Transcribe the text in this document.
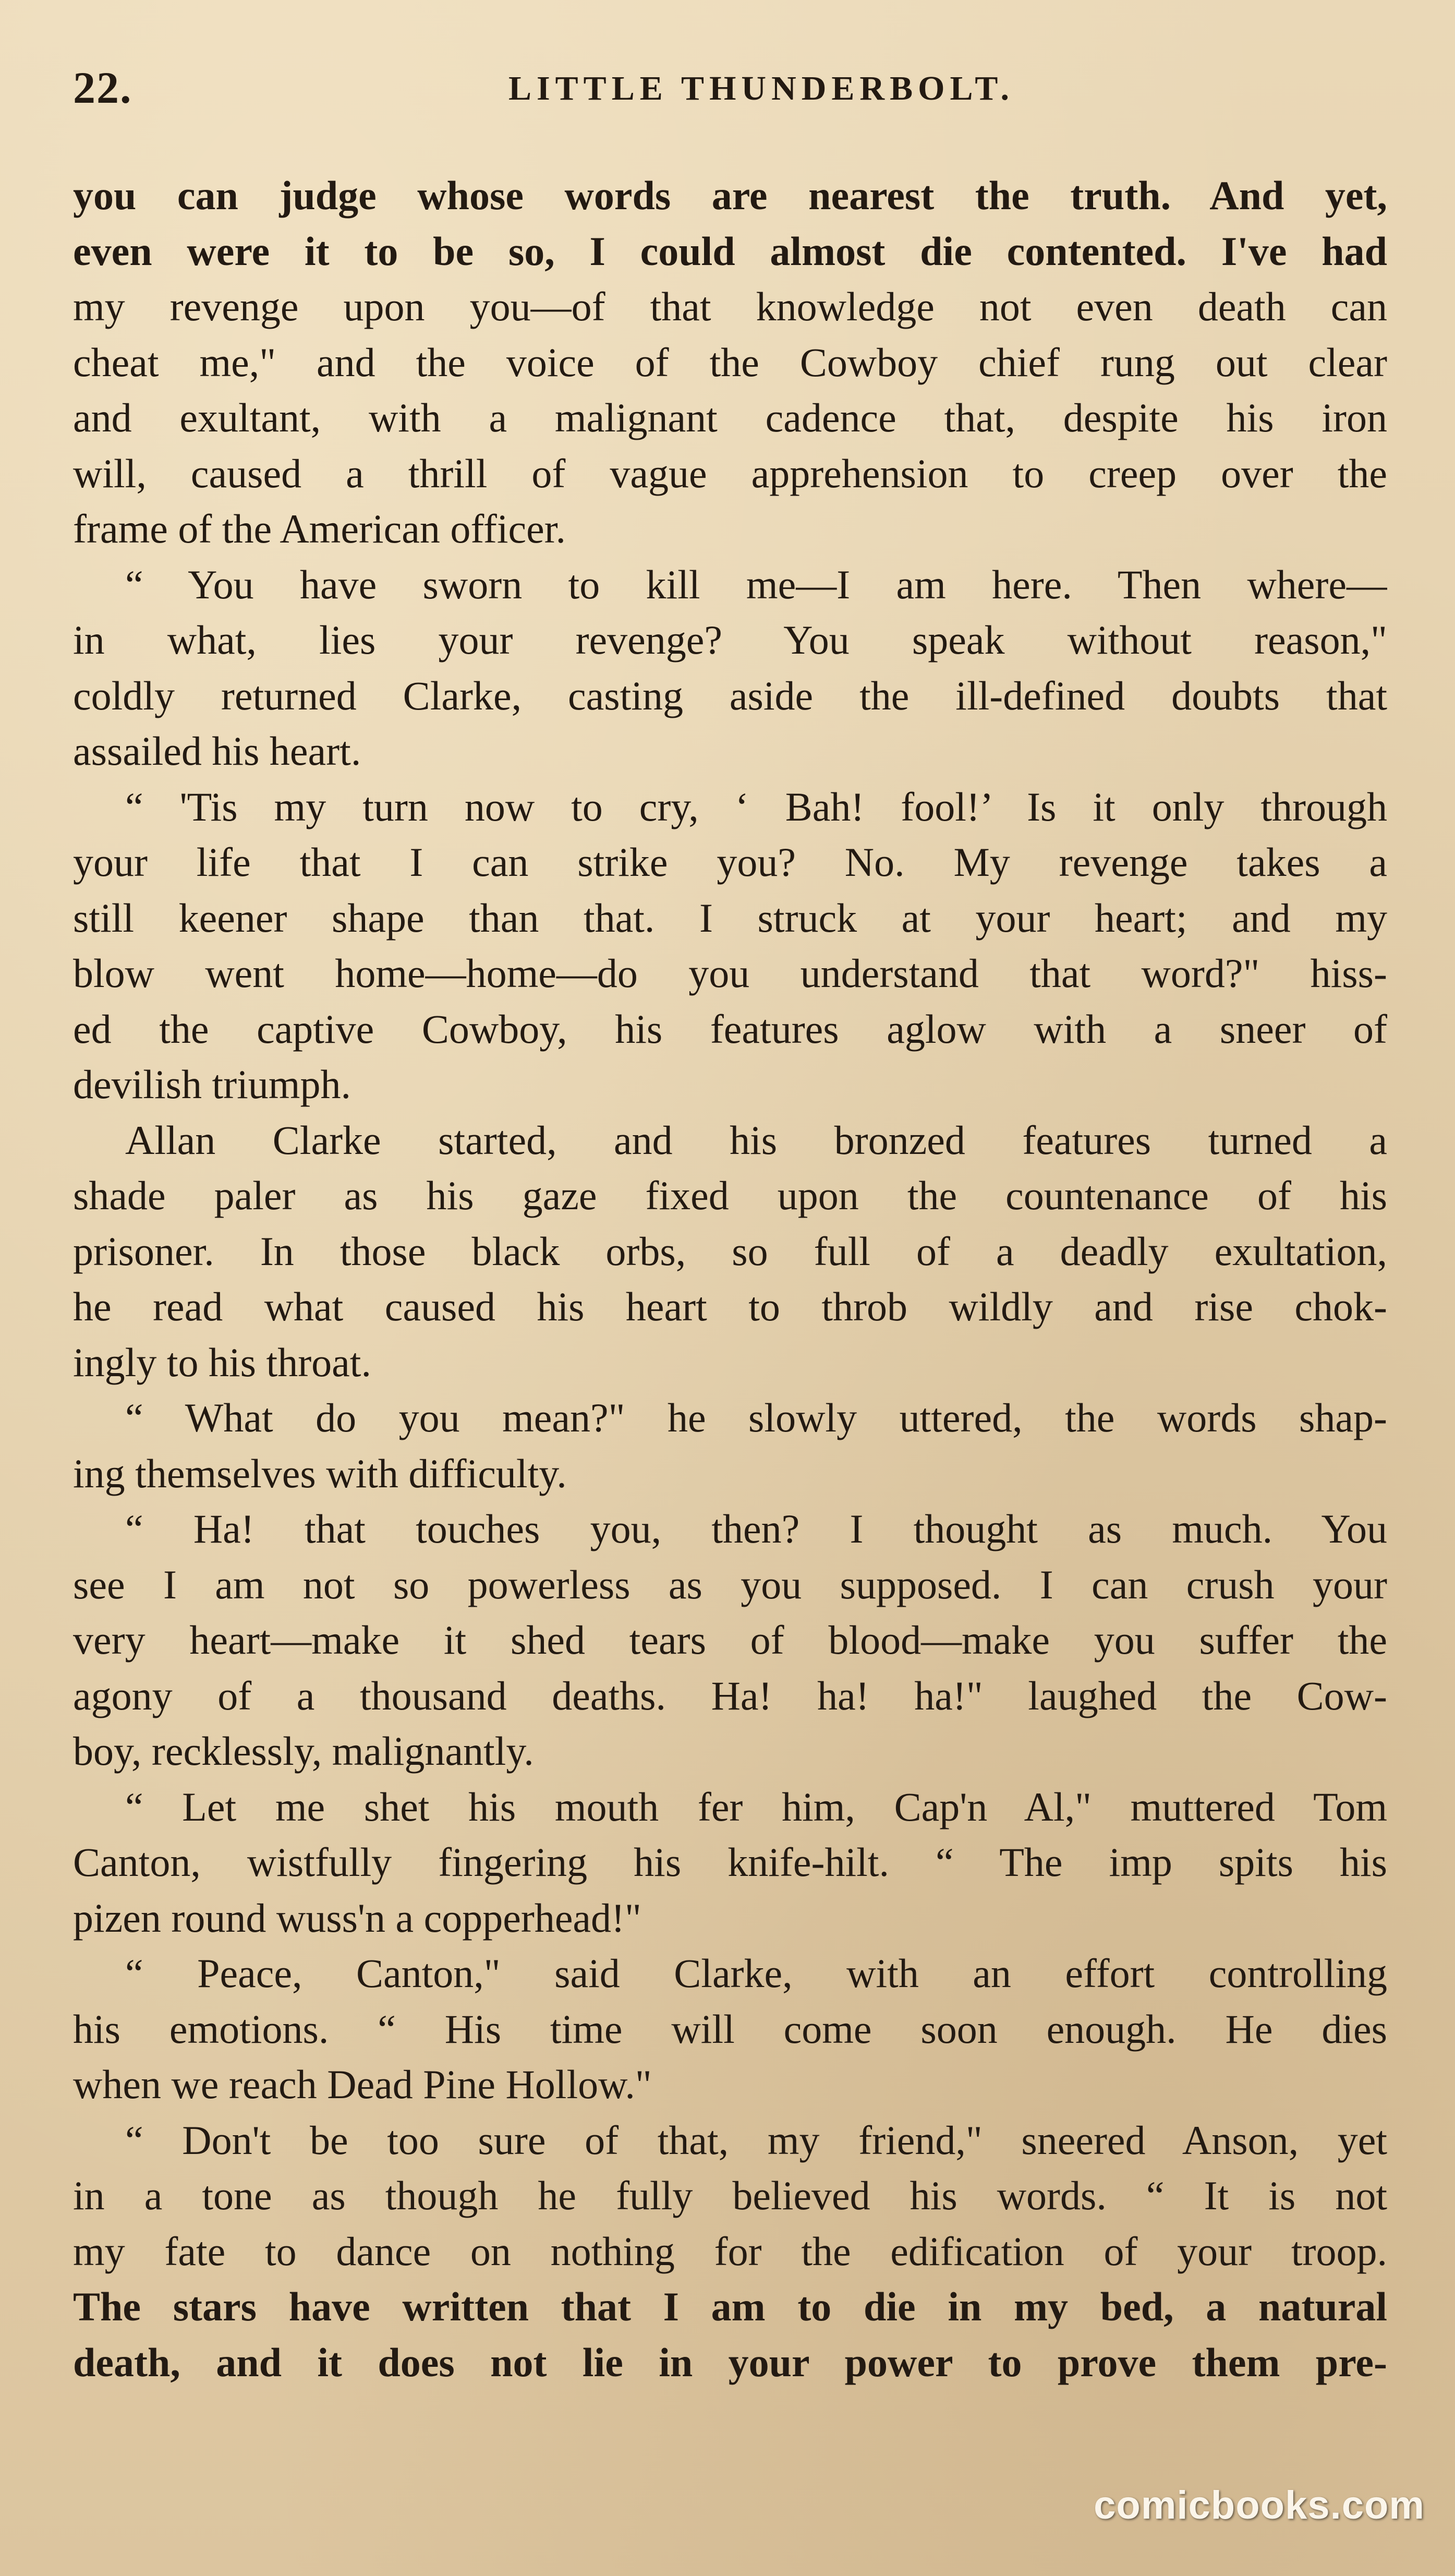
22.	LITTLE THUNDERBOLT.
you can judge whose words are nearest the truth. And yet,
even were it to be so, I could almost die contented. I've had
my revenge upon you—of that knowledge not even death can
cheat me," and the voice of the Cowboy chief rung out clear
and exultant, with a malignant cadence that, despite his iron
will, caused a thrill of vague apprehension to creep over the
frame of the American officer.
“ You have sworn to kill me—I am here. Then where—
in what, lies your revenge? You speak without reason,"
coldly returned Clarke, casting aside the ill-defined doubts that
assailed his heart.
“ 'Tis my turn now to cry, ‘ Bah! fool!’ Is it only through
your life that I can strike you? No. My revenge takes a
still keener shape than that. I struck at your heart; and my
blow went home—home—do you understand that word?" hiss-
ed the captive Cowboy, his features aglow with a sneer of
devilish triumph.
Allan Clarke started, and his bronzed features turned a
shade paler as his gaze fixed upon the countenance of his
prisoner. In those black orbs, so full of a deadly exultation,
he read what caused his heart to throb wildly and rise chok-
ingly to his throat.
“ What do you mean?" he slowly uttered, the words shap-
ing themselves with difficulty.
“ Ha! that touches you, then? I thought as much. You
see I am not so powerless as you supposed. I can crush your
very heart—make it shed tears of blood—make you suffer the
agony of a thousand deaths. Ha! ha! ha!" laughed the Cow-
boy, recklessly, malignantly.
“ Let me shet his mouth fer him, Cap'n Al," muttered Tom
Canton, wistfully fingering his knife-hilt. “ The imp spits his
pizen round wuss'n a copperhead!"
“ Peace, Canton," said Clarke, with an effort controlling
his emotions. “ His time will come soon enough. He dies
when we reach Dead Pine Hollow."
“ Don't be too sure of that, my friend," sneered Anson, yet
in a tone as though he fully believed his words. “ It is not
my fate to dance on nothing for the edification of your troop.
The stars have written that I am to die in my bed, a natural
death, and it does not lie in your power to prove them pre-
comicbooks.com
